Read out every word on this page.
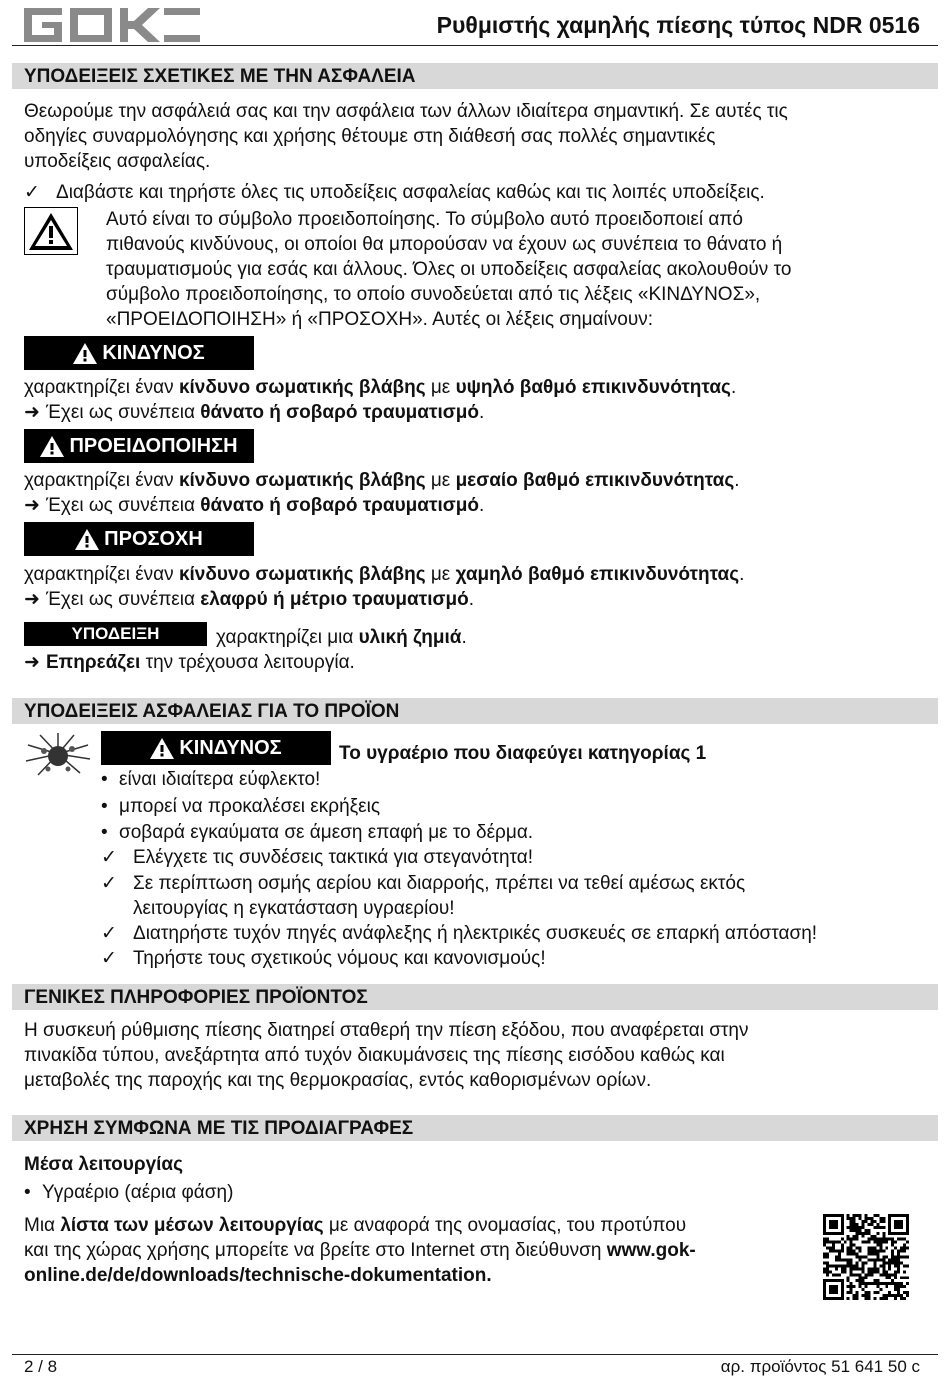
Ρυθμιστής χαμηλής πίεσης τύπος NDR 0516
ΥΠΟΔΕΙΞΕΙΣ ΣΧΕΤΙΚΕΣ ΜΕ ΤΗΝ ΑΣΦΑΛΕΙΑ

Θεωρούμε την ασφάλειά σας και την ασφάλεια των άλλων ιδιαίτερα σημαντική. Σε αυτές τις

οδηγίες συναρμολόγησης και χρήσης θέτουμε στη διάθεσή σας πολλές σημαντικές

υποδείξεις ασφαλείας.

✓ Διαβάστε και τηρήστε όλες τις υποδείξεις ασφαλείας καθώς και τις λοιπές υποδείξεις.

Αυτό είναι το σύμβολο προειδοποίησης. Το σύμβολο αυτό προειδοποιεί από

πιθανούς κινδύνους, οι οποίοι θα μπορούσαν να έχουν ως συνέπεια το θάνατο ή

τραυματισμούς για εσάς και άλλους. Όλες οι υποδείξεις ασφαλείας ακολουθούν το

σύμβολο προειδοποίησης, το οποίο συνοδεύεται από τις λέξεις «ΚΙΝΔΥΝΟΣ»,

«ΠΡΟΕΙΔΟΠΟΙΗΣΗ» ή «ΠΡΟΣΟΧΗ». Αυτές οι λέξεις σημαίνουν:

ΚΙΝΔΥΝΟΣ
χαρακτηρίζει έναν κίνδυνο σωματικής βλάβης με υψηλό βαθμό επικινδυνότητας.
➜ Έχει ως συνέπεια θάνατο ή σοβαρό τραυματισμό.
ΠΡΟΕΙΔΟΠΟΙΗΣΗ
χαρακτηρίζει έναν κίνδυνο σωματικής βλάβης με μεσαίο βαθμό επικινδυνότητας.
➜ Έχει ως συνέπεια θάνατο ή σοβαρό τραυματισμό.
ΠΡΟΣΟΧΗ
χαρακτηρίζει έναν κίνδυνο σωματικής βλάβης με χαμηλό βαθμό επικινδυνότητας.
➜ Έχει ως συνέπεια ελαφρύ ή μέτριο τραυματισμό.
ΥΠΟΔΕΙΞΗ	χαρακτηρίζει μια υλική ζημιά.
➜ Επηρεάζει την τρέχουσα λειτουργία.
ΥΠΟΔΕΙΞΕΙΣ ΑΣΦΑΛΕΙΑΣ ΓΙΑ ΤΟ ΠΡΟΪΟΝ
ΚΙΝΔΥΝΟΣ	Το υγραέριο που διαφεύγει κατηγορίας 1
• είναι ιδιαίτερα εύφλεκτο!
• μπορεί να προκαλέσει εκρήξεις
• σοβαρά εγκαύματα σε άμεση επαφή με το δέρμα.
✓ Ελέγχετε τις συνδέσεις τακτικά για στεγανότητα!
✓ Σε περίπτωση οσμής αερίου και διαρροής, πρέπει να τεθεί αμέσως εκτός
λειτουργίας η εγκατάσταση υγραερίου!
✓ Διατηρήστε τυχόν πηγές ανάφλεξης ή ηλεκτρικές συσκευές σε επαρκή απόσταση!
✓ Τηρήστε τους σχετικούς νόμους και κανονισμούς!
ΓΕΝΙΚΕΣ ΠΛΗΡΟΦΟΡΙΕΣ ΠΡΟΪΟΝΤΟΣ

Η συσκευή ρύθμισης πίεσης διατηρεί σταθερή την πίεση εξόδου, που αναφέρεται στην

πινακίδα τύπου, ανεξάρτητα από τυχόν διακυμάνσεις της πίεσης εισόδου καθώς και

μεταβολές της παροχής και της θερμοκρασίας, εντός καθορισμένων ορίων.

ΧΡΗΣΗ ΣΥΜΦΩΝΑ ΜΕ ΤΙΣ ΠΡΟΔΙΑΓΡΑΦΕΣ
Μέσα λειτουργίας
• Υγραέριο (αέρια φάση)
Μια λίστα των μέσων λειτουργίας με αναφορά της ονομασίας, του προτύπου
και της χώρας χρήσης μπορείτε να βρείτε στο Internet στη διεύθυνση www.gok-
online.de/de/downloads/technische-dokumentation.
2 / 8	αρ. προϊόντος 51 641 50 c
